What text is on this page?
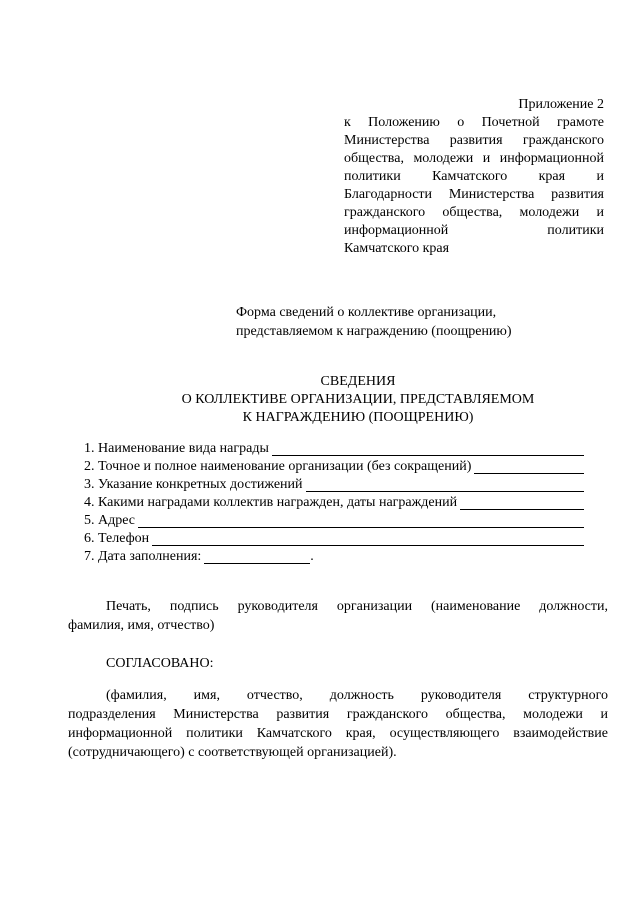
Приложение 2
к Положению о Почетной грамоте
Министерства развития гражданского
общества, молодежи и информационной
политики Камчатского края и
Благодарности Министерства развития
гражданского общества, молодежи и
информационной политики
Камчатского края
Форма сведений о коллективе организации,
представляемом к награждению (поощрению)
СВЕДЕНИЯ
О КОЛЛЕКТИВЕ ОРГАНИЗАЦИИ, ПРЕДСТАВЛЯЕМОМ
К НАГРАЖДЕНИЮ (ПООЩРЕНИЮ)
1. Наименование вида награды
2. Точное и полное наименование организации (без сокращений)
3. Указание конкретных достижений
4. Какими наградами коллектив награжден, даты награждений
5. Адрес
6. Телефон
7. Дата заполнения:	.
Печать, подпись руководителя организации (наименование должности,
фамилия, имя, отчество)
СОГЛАСОВАНО:
(фамилия, имя, отчество, должность руководителя структурного
подразделения Министерства развития гражданского общества, молодежи и
информационной политики Камчатского края, осуществляющего взаимодействие
(сотрудничающего) с соответствующей организацией).
